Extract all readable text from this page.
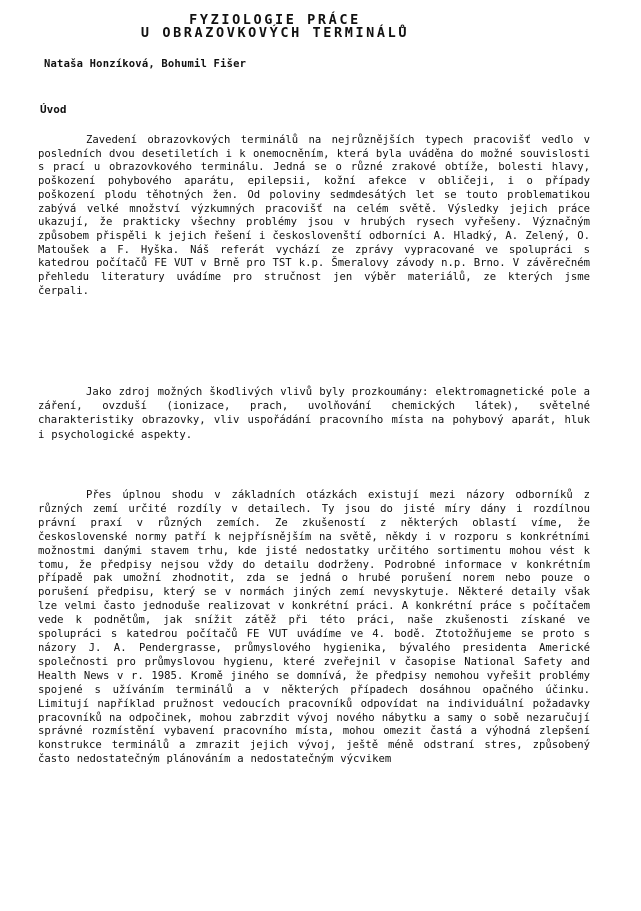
FYZIOLOGIE PRÁCE
U OBRAZOVKOVÝCH TERMINÁLŮ

Nataša Honzíková, Bohumil Fišer

Úvod

Zavedení obrazovkových terminálů na nejrůznějších typech pracovišť vedlo v posledních dvou desetiletích i k onemocněním, která byla uváděna do možné souvislosti s prací u obrazovkového terminálu. Jedná se o různé zrakové obtíže, bolesti hlavy, poškození pohybového aparátu, epilepsii, kožní afekce v obličeji, i o případy poškození plodu těhotných žen. Od poloviny sedmdesátých let se touto problematikou zabývá velké množství výzkumných pracovišť na celém světě. Výsledky jejich práce ukazují, že prakticky všechny problémy jsou v hrubých rysech vyřešeny. Význačným způsobem přispěli k jejich řešení i českoslovenští odborníci A. Hladký, A. Zelený, O. Matoušek a F. Hyška. Náš referát vychází ze zprávy vypracované ve spolupráci s katedrou počítačů FE VUT v Brně pro TST k.p. Šmeralovy závody n.p. Brno. V závěrečném přehledu literatury uvádíme pro stručnost jen výběr materiálů, ze kterých jsme čerpali.

Jako zdroj možných škodlivých vlivů byly prozkoumány: elektromagnetické pole a záření, ovzduší (ionizace, prach, uvolňování chemických látek), světelné charakteristiky obrazovky, vliv uspořádání pracovního místa na pohybový aparát, hluk i psychologické aspekty.

Přes úplnou shodu v základních otázkách existují mezi názory odborníků z různých zemí určité rozdíly v detailech. Ty jsou do jisté míry dány i rozdílnou právní praxí v různých zemích. Ze zkušeností z některých oblastí víme, že československé normy patří k nejpřísnějším na světě, někdy i v rozporu s konkrétními možnostmi danými stavem trhu, kde jisté nedostatky určitého sortimentu mohou vést k tomu, že předpisy nejsou vždy do detailu dodrženy. Podrobné informace v konkrétním případě pak umožní zhodnotit, zda se jedná o hrubé porušení norem nebo pouze o porušení předpisu, který se v normách jiných zemí nevyskytuje. Některé detaily však lze velmi často jednoduše realizovat v konkrétní práci. A konkrétní práce s počítačem vede k podnětům, jak snížit zátěž při této práci, naše zkušenosti získané ve spolupráci s katedrou počítačů FE VUT uvádíme ve 4. bodě. Ztotožňujeme se proto s názory J. A. Pendergrasse, průmyslového hygienika, bývalého presidenta Americké společnosti pro průmyslovou hygienu, které zveřejnil v časopise National Safety and Health News v r. 1985. Kromě jiného se domnívá, že předpisy nemohou vyřešit problémy spojené s užíváním terminálů a v některých případech dosáhnou opačného účinku. Limitují například pružnost vedoucích pracovníků odpovídat na individuální požadavky pracovníků na odpočinek, mohou zabrzdit vývoj nového nábytku a samy o sobě nezaručují správné rozmístění vybavení pracovního místa, mohou omezit častá a výhodná zlepšení konstrukce terminálů a zmrazit jejich vývoj, ještě méně odstraní stres, způsobený často nedostatečným plánováním a nedostatečným výcvikem
